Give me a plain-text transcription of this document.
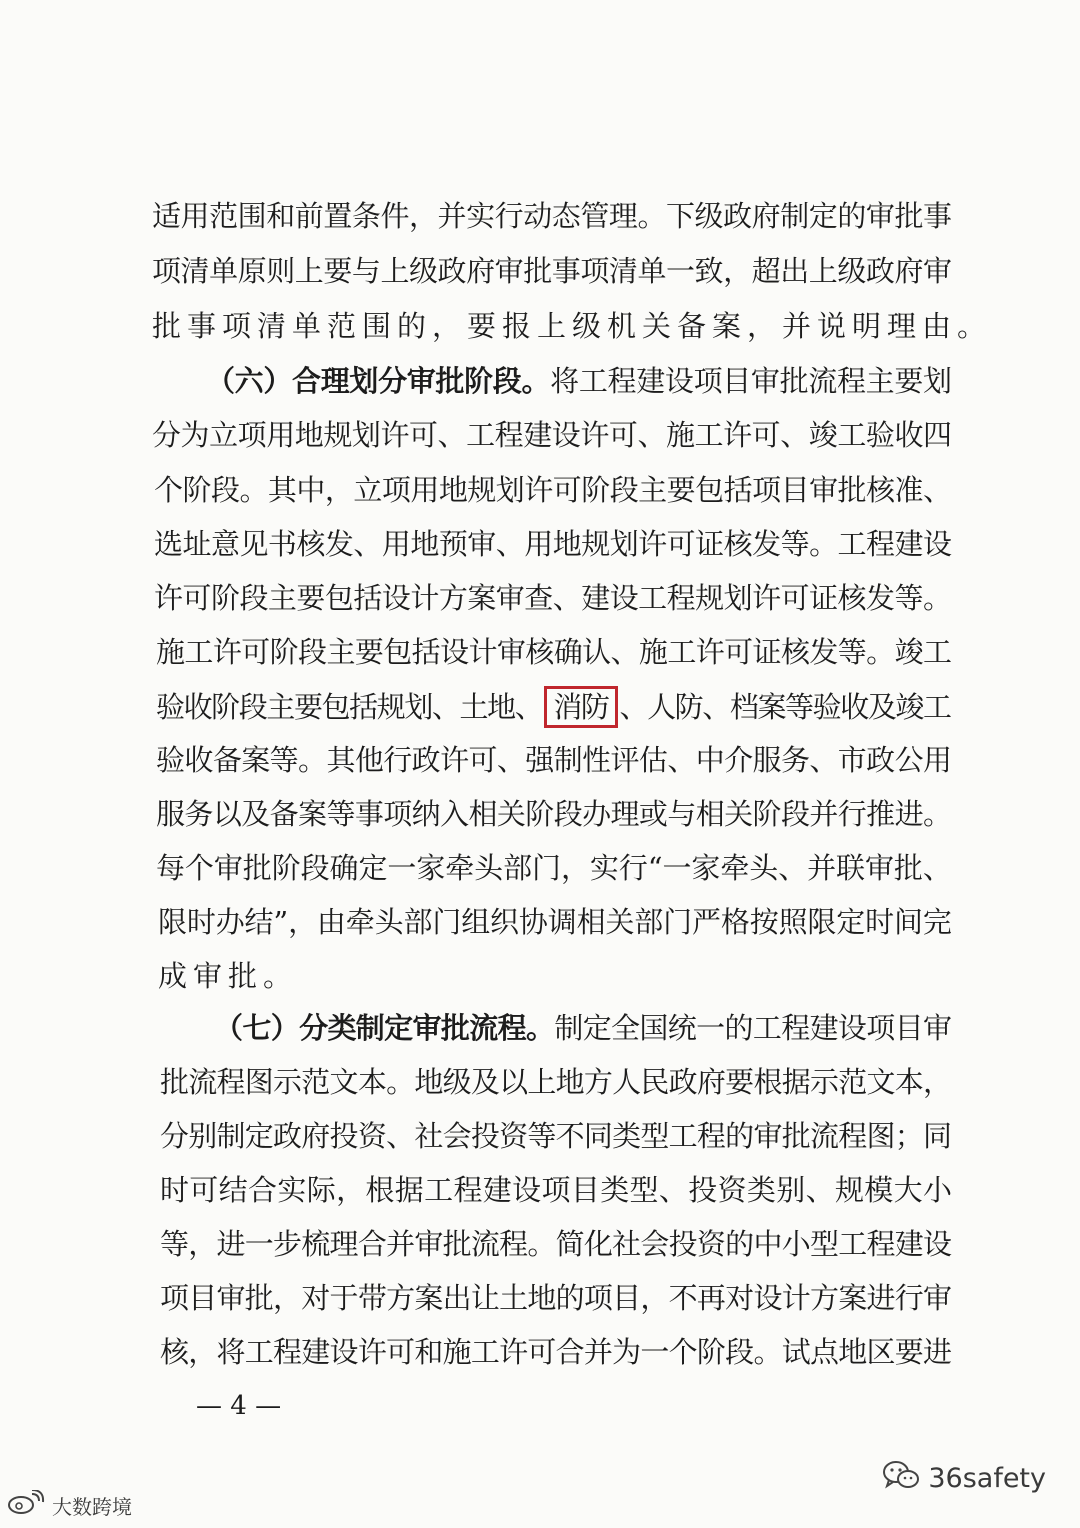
适用范围和前置条件，并实行动态管理。下级政府制定的审批事
项清单原则上要与上级政府审批事项清单一致，超出上级政府审
批事项清单范围的，要报上级机关备案，并说明理由。
（六）合理划分审批阶段。将工程建设项目审批流程主要划
分为立项用地规划许可、工程建设许可、施工许可、竣工验收四
个阶段。其中，立项用地规划许可阶段主要包括项目审批核准、
选址意见书核发、用地预审、用地规划许可证核发等。工程建设
许可阶段主要包括设计方案审查、建设工程规划许可证核发等。
施工许可阶段主要包括设计审核确认、施工许可证核发等。竣工
验收阶段主要包括规划、土地、 消防 、人防、档案等验收及竣工
验收备案等。其他行政许可、强制性评估、中介服务、市政公用
服务以及备案等事项纳入相关阶段办理或与相关阶段并行推进。
每个审批阶段确定一家牵头部门，实行“一家牵头、并联审批、
限时办结”，由牵头部门组织协调相关部门严格按照限定时间完
成审批。
（七）分类制定审批流程。制定全国统一的工程建设项目审
批流程图示范文本。地级及以上地方人民政府要根据示范文本，
分别制定政府投资、社会投资等不同类型工程的审批流程图；同
时可结合实际，根据工程建设项目类型、投资类别、规模大小
等，进一步梳理合并审批流程。简化社会投资的中小型工程建设
项目审批，对于带方案出让土地的项目，不再对设计方案进行审
核，将工程建设许可和施工许可合并为一个阶段。试点地区要进
— 4 —
36safety
大数跨境
